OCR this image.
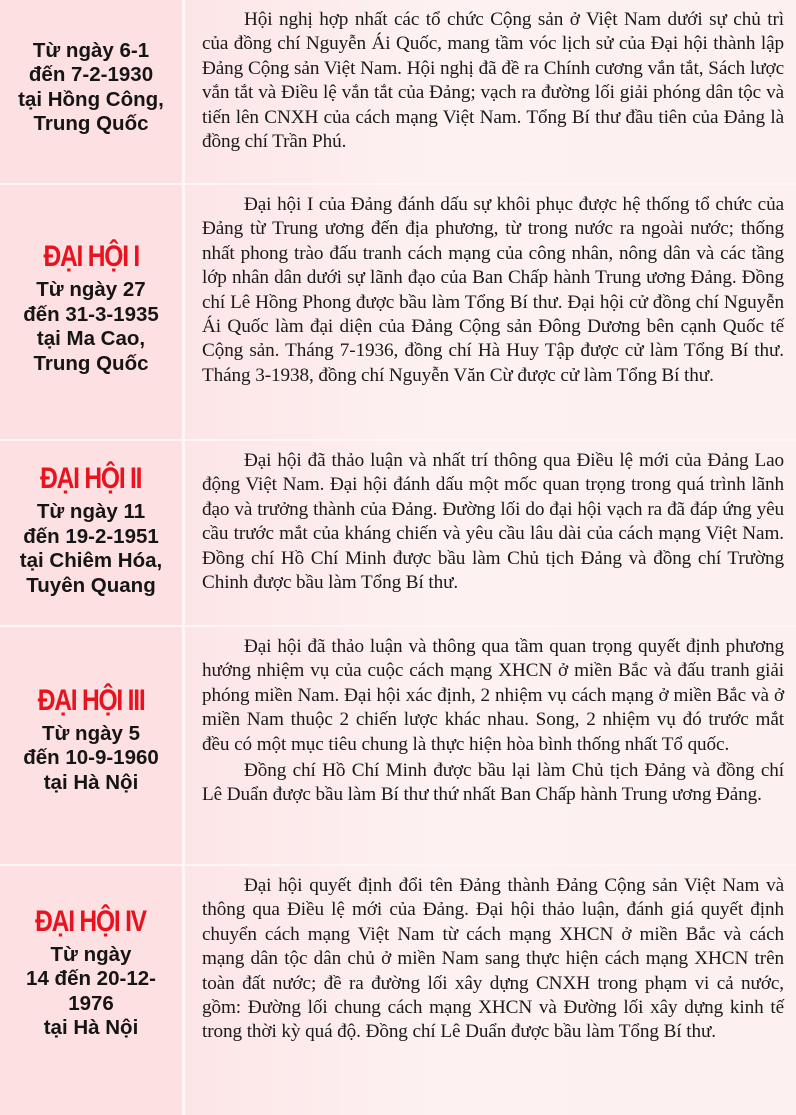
Từ ngày 6-1
đến 7-2-1930
tại Hồng Công,
Trung Quốc

Hội nghị hợp nhất các tổ chức Cộng sản ở Việt Nam dưới sự chủ trì của đồng chí Nguyễn Ái Quốc, mang tầm vóc lịch sử của Đại hội thành lập Đảng Cộng sản Việt Nam. Hội nghị đã đề ra Chính cương vắn tắt, Sách lược vắn tắt và Điều lệ vắn tắt của Đảng; vạch ra đường lối giải phóng dân tộc và tiến lên CNXH của cách mạng Việt Nam. Tổng Bí thư đầu tiên của Đảng là đồng chí Trần Phú.

ĐẠI HỘI I
Từ ngày 27
đến 31-3-1935
tại Ma Cao,
Trung Quốc

Đại hội I của Đảng đánh dấu sự khôi phục được hệ thống tổ chức của Đảng từ Trung ương đến địa phương, từ trong nước ra ngoài nước; thống nhất phong trào đấu tranh cách mạng của công nhân, nông dân và các tầng lớp nhân dân dưới sự lãnh đạo của Ban Chấp hành Trung ương Đảng. Đồng chí Lê Hồng Phong được bầu làm Tổng Bí thư. Đại hội cử đồng chí Nguyễn Ái Quốc làm đại diện của Đảng Cộng sản Đông Dương bên cạnh Quốc tế Cộng sản. Tháng 7-1936, đồng chí Hà Huy Tập được cử làm Tổng Bí thư. Tháng 3-1938, đồng chí Nguyễn Văn Cừ được cử làm Tổng Bí thư.

ĐẠI HỘI II
Từ ngày 11
đến 19-2-1951
tại Chiêm Hóa,
Tuyên Quang

Đại hội đã thảo luận và nhất trí thông qua Điều lệ mới của Đảng Lao động Việt Nam. Đại hội đánh dấu một mốc quan trọng trong quá trình lãnh đạo và trưởng thành của Đảng. Đường lối do đại hội vạch ra đã đáp ứng yêu cầu trước mắt của kháng chiến và yêu cầu lâu dài của cách mạng Việt Nam. Đồng chí Hồ Chí Minh được bầu làm Chủ tịch Đảng và đồng chí Trường Chinh được bầu làm Tổng Bí thư.

ĐẠI HỘI III
Từ ngày 5
đến 10-9-1960
tại Hà Nội

Đại hội đã thảo luận và thông qua tầm quan trọng quyết định phương hướng nhiệm vụ của cuộc cách mạng XHCN ở miền Bắc và đấu tranh giải phóng miền Nam. Đại hội xác định, 2 nhiệm vụ cách mạng ở miền Bắc và ở miền Nam thuộc 2 chiến lược khác nhau. Song, 2 nhiệm vụ đó trước mắt đều có một mục tiêu chung là thực hiện hòa bình thống nhất Tổ quốc.

Đồng chí Hồ Chí Minh được bầu lại làm Chủ tịch Đảng và đồng chí Lê Duẩn được bầu làm Bí thư thứ nhất Ban Chấp hành Trung ương Đảng.

ĐẠI HỘI IV
Từ ngày
14 đến 20-12-
1976
tại Hà Nội

Đại hội quyết định đổi tên Đảng thành Đảng Cộng sản Việt Nam và thông qua Điều lệ mới của Đảng. Đại hội thảo luận, đánh giá quyết định chuyển cách mạng Việt Nam từ cách mạng XHCN ở miền Bắc và cách mạng dân tộc dân chủ ở miền Nam sang thực hiện cách mạng XHCN trên toàn đất nước; đề ra đường lối xây dựng CNXH trong phạm vi cả nước, gồm: Đường lối chung cách mạng XHCN và Đường lối xây dựng kinh tế trong thời kỳ quá độ. Đồng chí Lê Duẩn được bầu làm Tổng Bí thư.
